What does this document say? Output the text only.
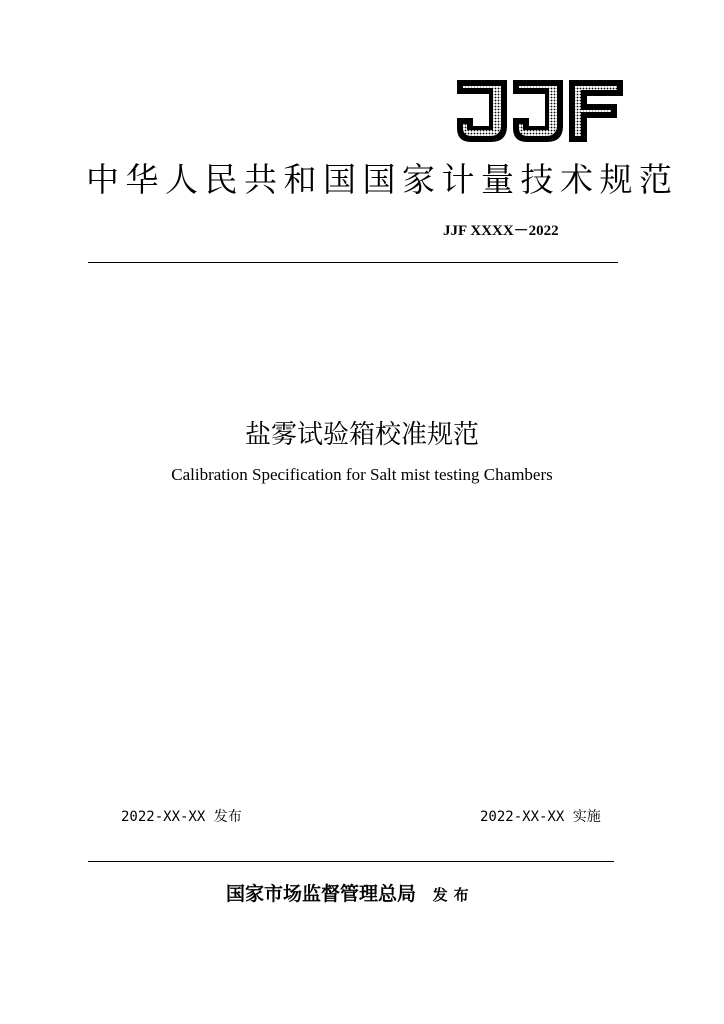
中华人民共和国国家计量技术规范
JJF XXXX－2022
盐雾试验箱校准规范
Calibration Specification for Salt mist testing Chambers
2022-XX-XX 发布	2022-XX-XX 实施
国家市场监督管理总局 发布
